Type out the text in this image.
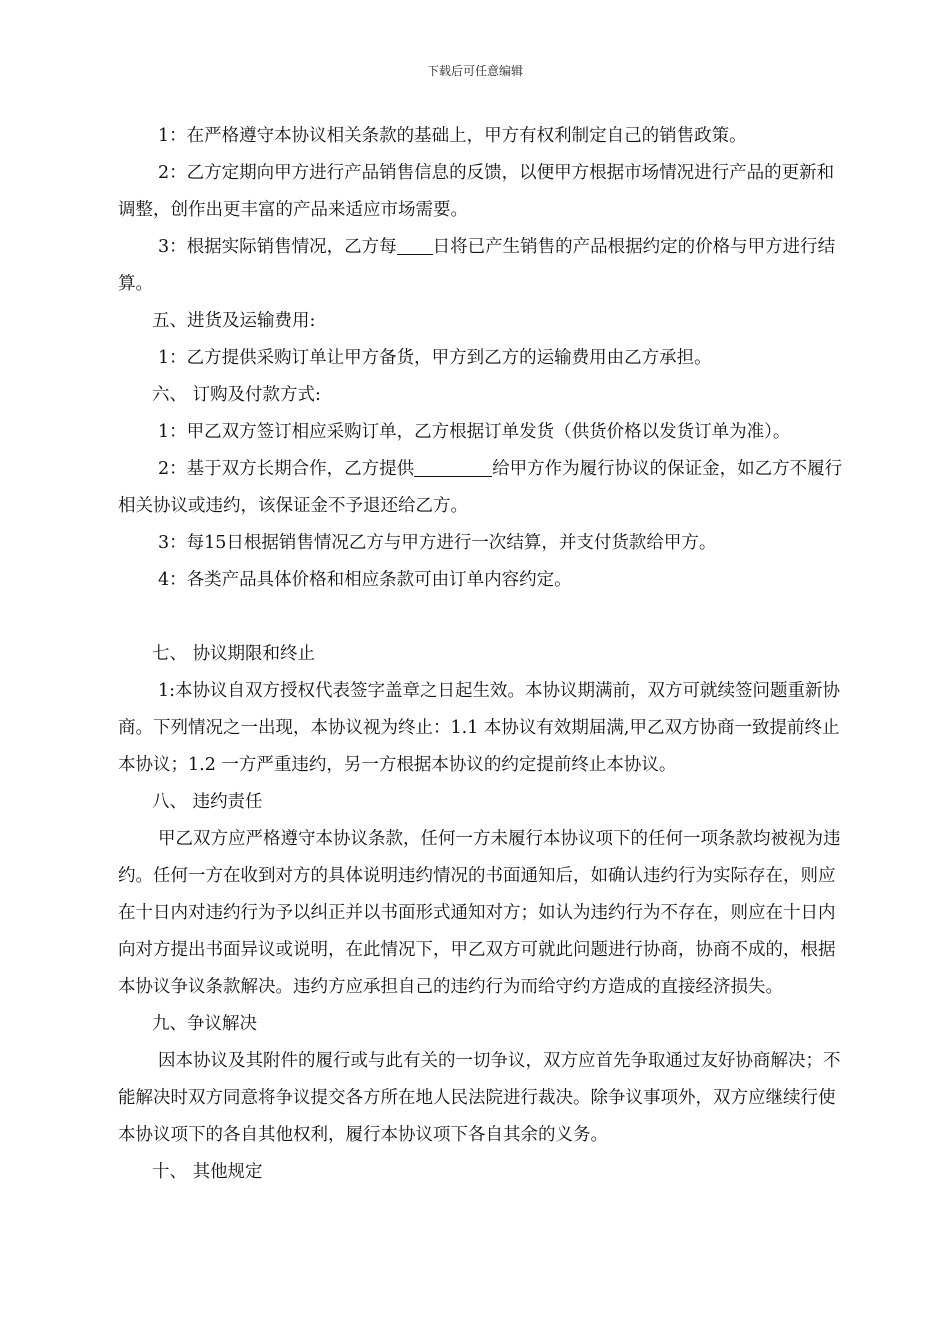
下载后可任意编辑

1：在严格遵守本协议相关条款的基础上，甲方有权利制定自己的销售政策。

2：乙方定期向甲方进行产品销售信息的反馈，以便甲方根据市场情况进行产品的更新和调整，创作出更丰富的产品来适应市场需要。

3：根据实际销售情况，乙方每 日将已产生销售的产品根据约定的价格与甲方进行结算。

五、进货及运输费用:

1：乙方提供采购订单让甲方备货，甲方到乙方的运输费用由乙方承担。

六、 订购及付款方式:

1：甲乙双方签订相应采购订单，乙方根据订单发货（供货价格以发货订单为准）。

2：基于双方长期合作，乙方提供	给甲方作为履行协议的保证金，如乙方不履行相关协议或违约，该保证金不予退还给乙方。

3：每15日根据销售情况乙方与甲方进行一次结算，并支付货款给甲方。

4：各类产品具体价格和相应条款可由订单内容约定。

七、 协议期限和终止

1:本协议自双方授权代表签字盖章之日起生效。本协议期满前，双方可就续签问题重新协商。下列情况之一出现，本协议视为终止：1.1 本协议有效期届满,甲乙双方协商一致提前终止本协议；1.2 一方严重违约，另一方根据本协议的约定提前终止本协议。

八、 违约责任

甲乙双方应严格遵守本协议条款，任何一方未履行本协议项下的任何一项条款均被视为违约。任何一方在收到对方的具体说明违约情况的书面通知后，如确认违约行为实际存在，则应在十日内对违约行为予以纠正并以书面形式通知对方；如认为违约行为不存在，则应在十日内向对方提出书面异议或说明，在此情况下，甲乙双方可就此问题进行协商，协商不成的，根据本协议争议条款解决。违约方应承担自己的违约行为而给守约方造成的直接经济损失。

九、争议解决

因本协议及其附件的履行或与此有关的一切争议，双方应首先争取通过友好协商解决；不能解决时双方同意将争议提交各方所在地人民法院进行裁决。除争议事项外，双方应继续行使本协议项下的各自其他权利，履行本协议项下各自其余的义务。

十、 其他规定
